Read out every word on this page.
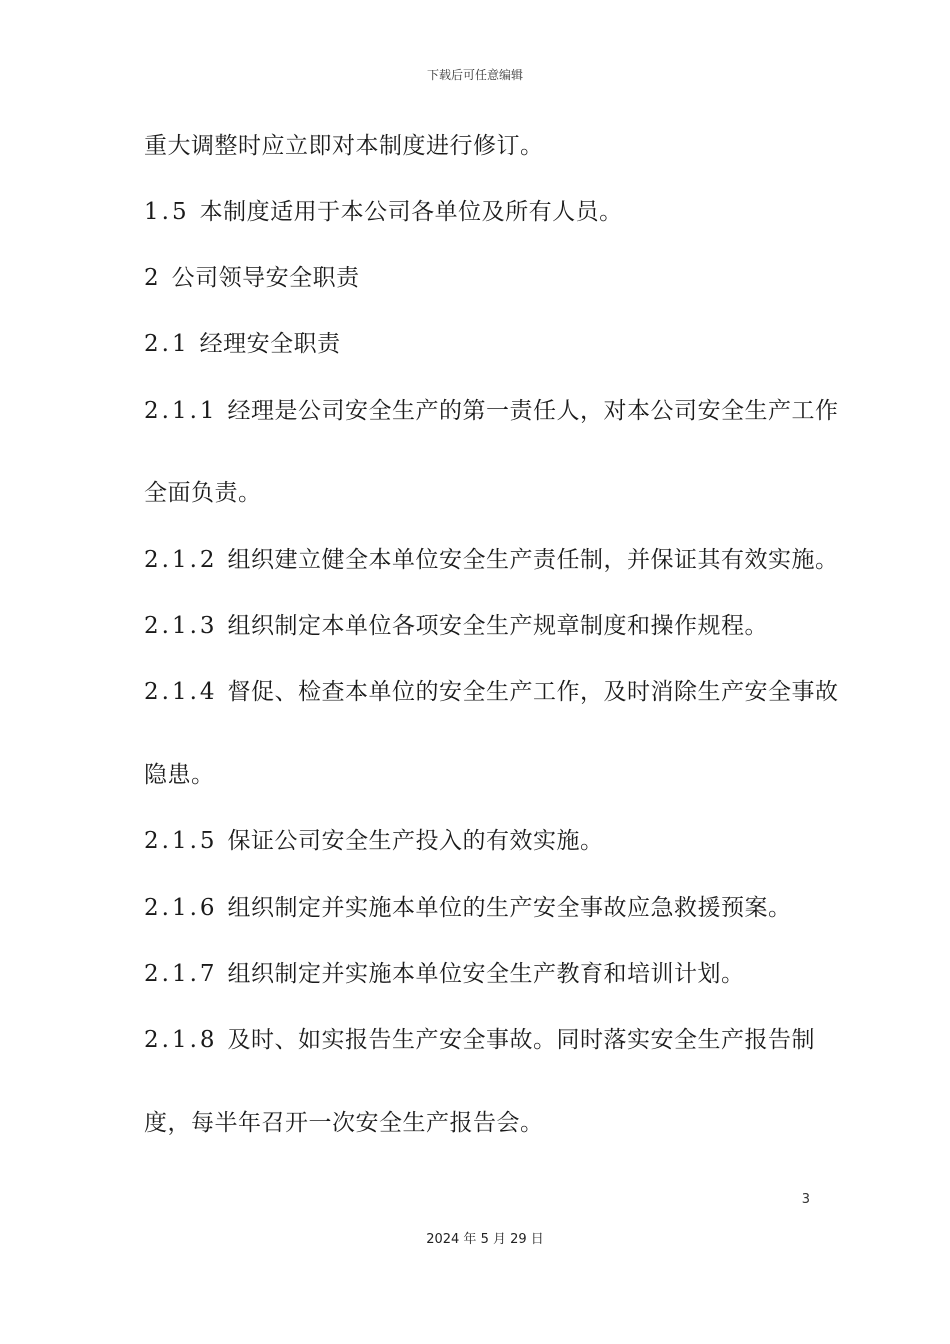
下载后可任意编辑
重大调整时应立即对本制度进行修订。
1.5 本制度适用于本公司各单位及所有人员。
2 公司领导安全职责
2.1 经理安全职责
2.1.1 经理是公司安全生产的第一责任人，对本公司安全生产工作
全面负责。
2.1.2 组织建立健全本单位安全生产责任制，并保证其有效实施。
2.1.3 组织制定本单位各项安全生产规章制度和操作规程。
2.1.4 督促、检查本单位的安全生产工作，及时消除生产安全事故
隐患。
2.1.5 保证公司安全生产投入的有效实施。
2.1.6 组织制定并实施本单位的生产安全事故应急救援预案。
2.1.7 组织制定并实施本单位安全生产教育和培训计划。
2.1.8 及时、如实报告生产安全事故。同时落实安全生产报告制
度，每半年召开一次安全生产报告会。
3
2024 年 5 月 29 日
